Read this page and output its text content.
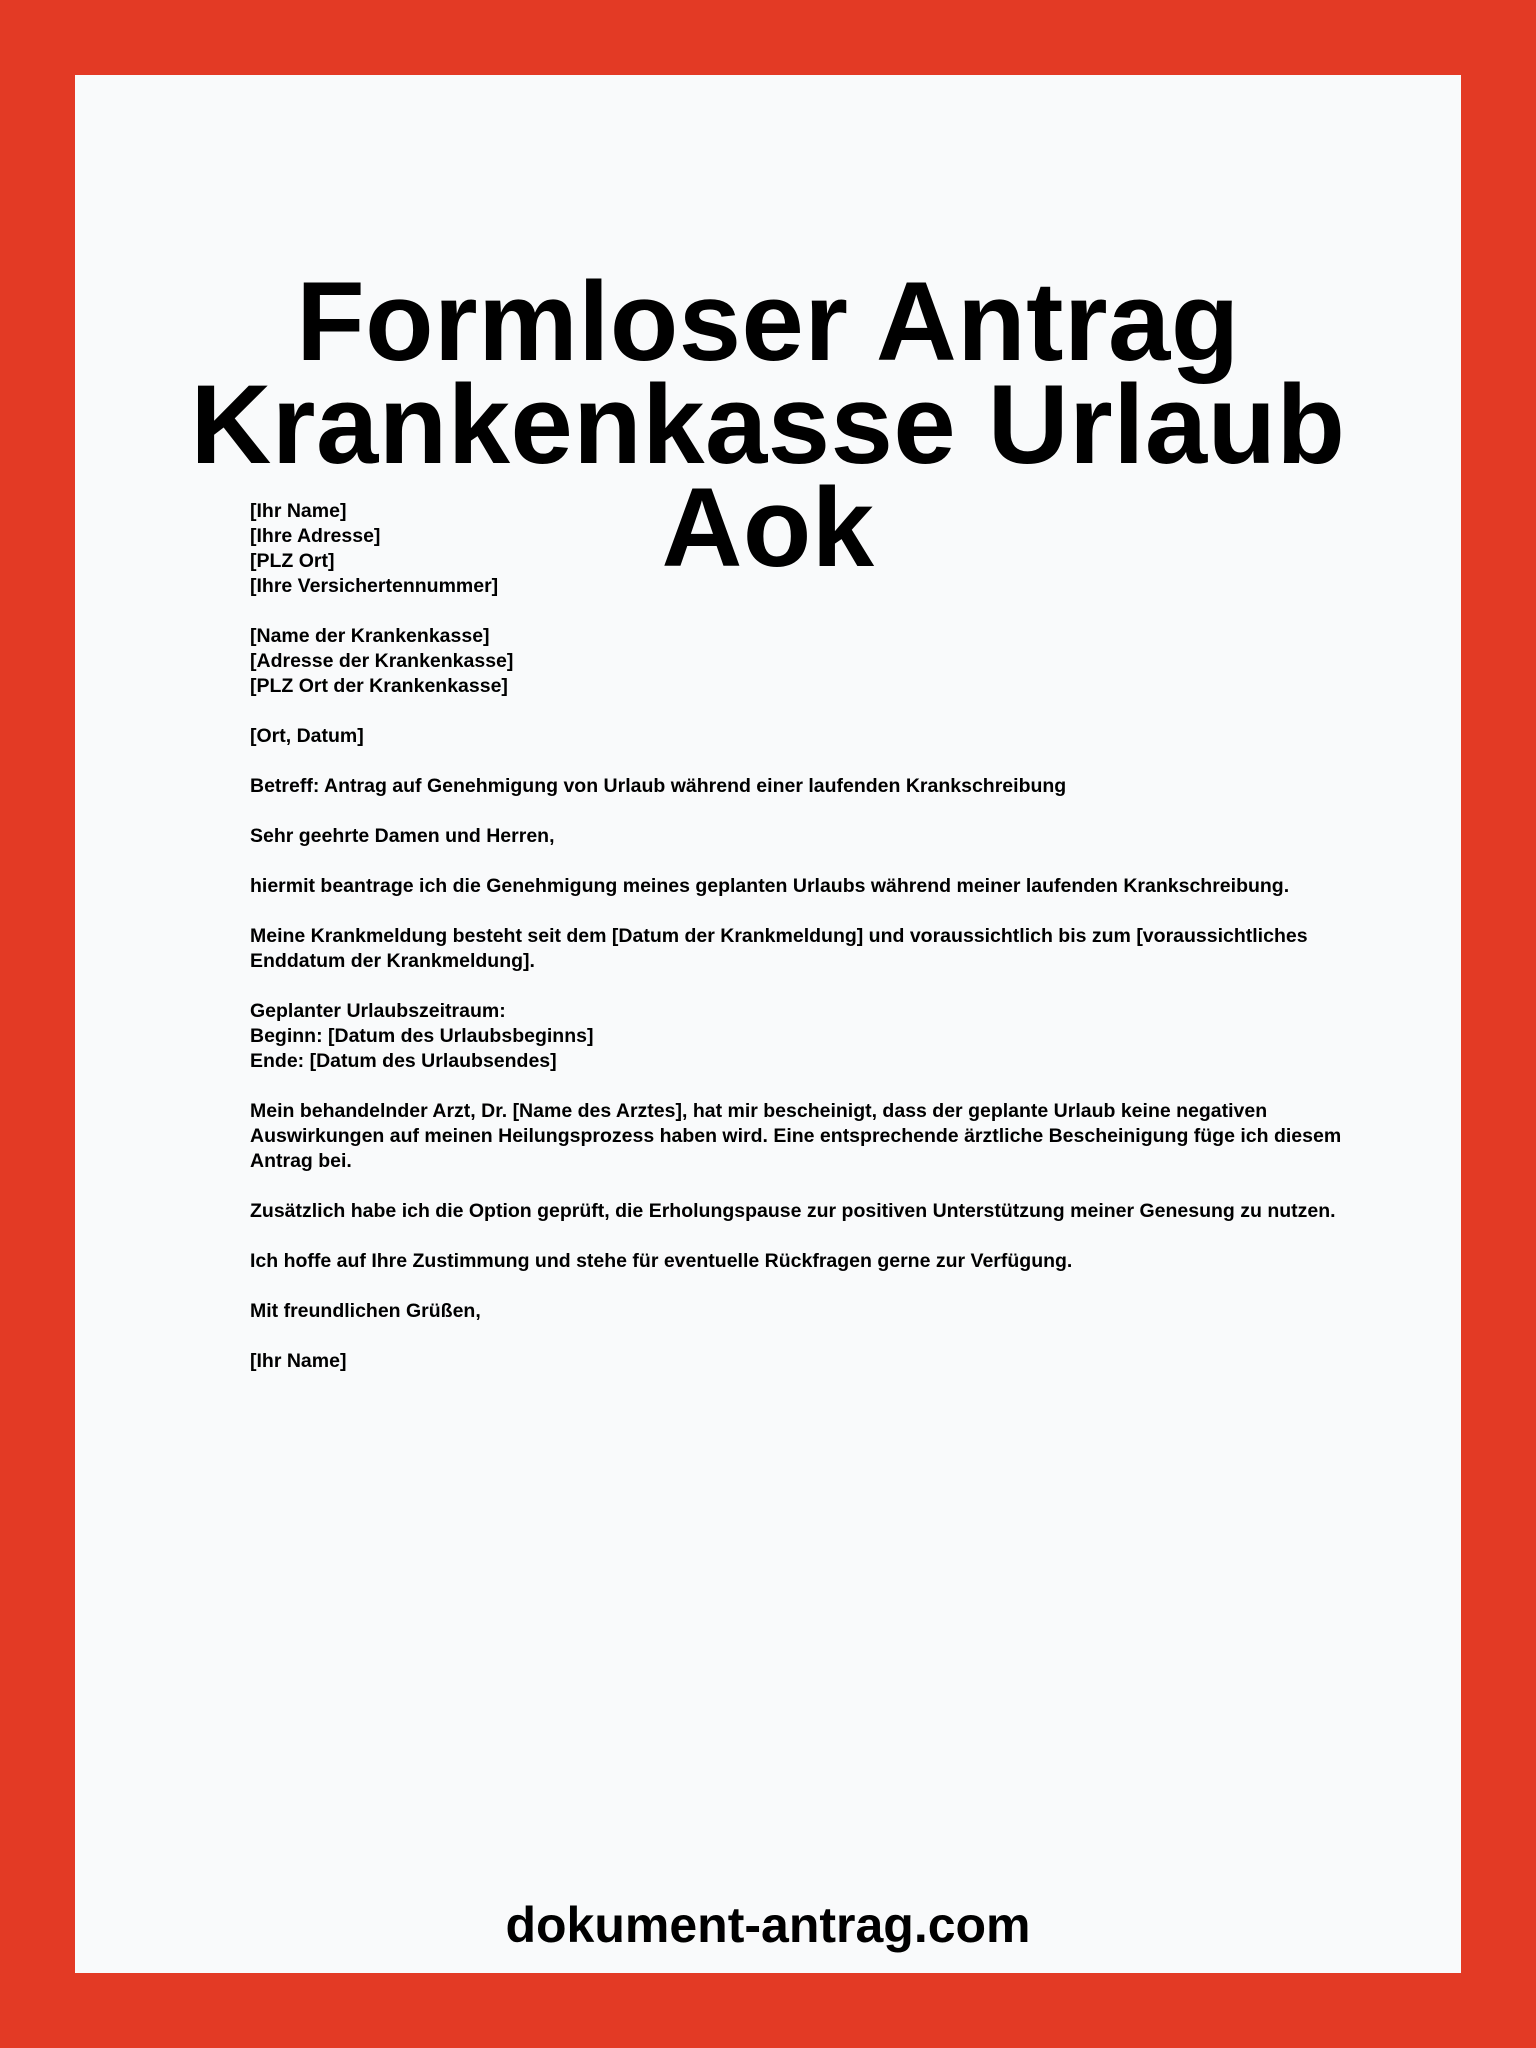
Formloser Antrag
Krankenkasse Urlaub Aok

[Ihr Name]
[Ihre Adresse]
[PLZ Ort]
[Ihre Versichertennummer]

[Name der Krankenkasse]
[Adresse der Krankenkasse]
[PLZ Ort der Krankenkasse]

[Ort, Datum]

Betreff: Antrag auf Genehmigung von Urlaub während einer laufenden Krankschreibung

Sehr geehrte Damen und Herren,

hiermit beantrage ich die Genehmigung meines geplanten Urlaubs während meiner laufenden Krankschreibung.

Meine Krankmeldung besteht seit dem [Datum der Krankmeldung] und voraussichtlich bis zum [voraussichtliches Enddatum der Krankmeldung].

Geplanter Urlaubszeitraum:
Beginn: [Datum des Urlaubsbeginns]
Ende: [Datum des Urlaubsendes]

Mein behandelnder Arzt, Dr. [Name des Arztes], hat mir bescheinigt, dass der geplante Urlaub keine negativen Auswirkungen auf meinen Heilungsprozess haben wird. Eine entsprechende ärztliche Bescheinigung füge ich diesem Antrag bei.

Zusätzlich habe ich die Option geprüft, die Erholungspause zur positiven Unterstützung meiner Genesung zu nutzen.

Ich hoffe auf Ihre Zustimmung und stehe für eventuelle Rückfragen gerne zur Verfügung.

Mit freundlichen Grüßen,

[Ihr Name]

dokument-antrag.com
